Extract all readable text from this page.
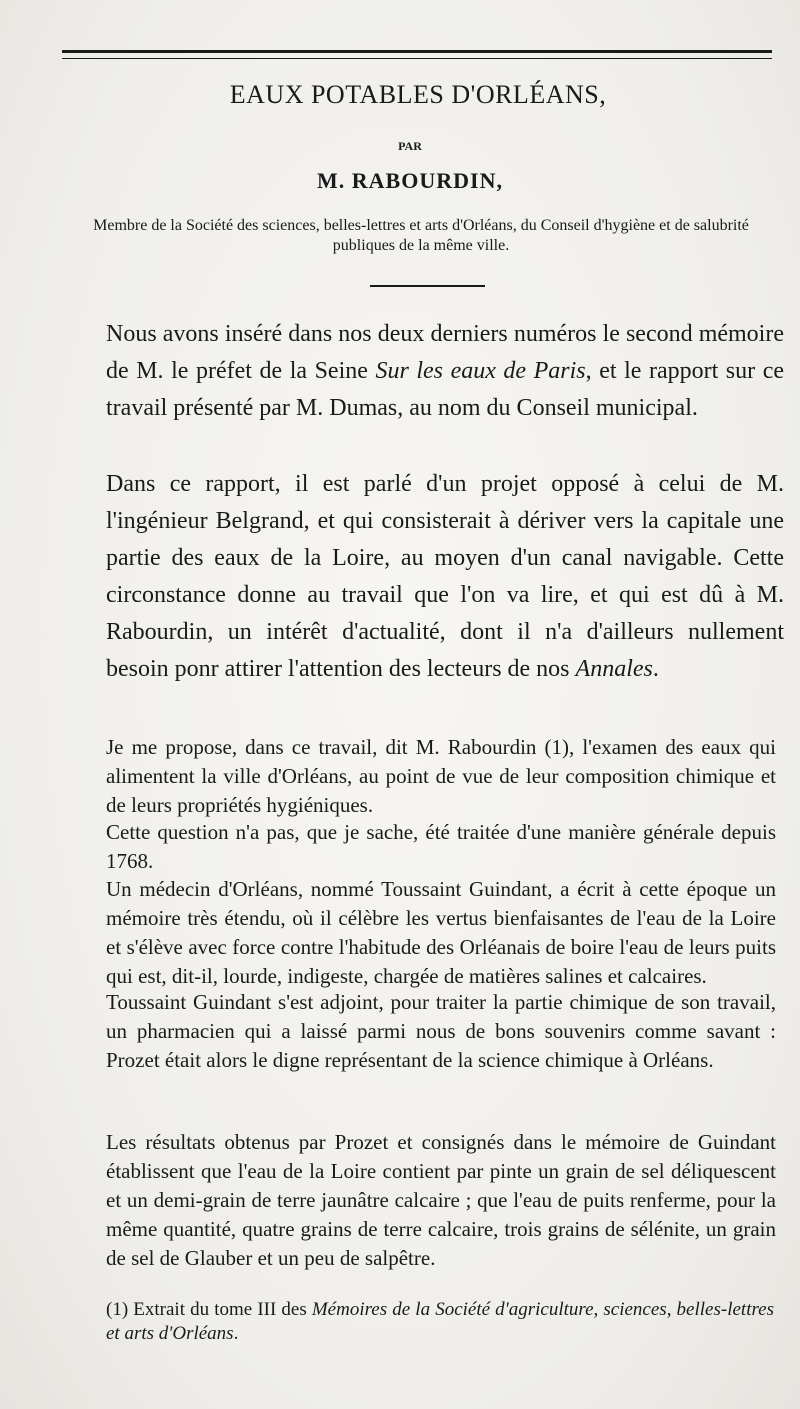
EAUX POTABLES D'ORLÉANS,
PAR
M. RABOURDIN,
Membre de la Société des sciences, belles-lettres et arts d'Orléans, du Conseil d'hygiène et de salubrité publiques de la même ville.

Nous avons inséré dans nos deux derniers numéros le second mémoire de M. le préfet de la Seine Sur les eaux de Paris, et le rapport sur ce travail présenté par M. Dumas, au nom du Conseil municipal.

Dans ce rapport, il est parlé d'un projet opposé à celui de M. l'ingénieur Belgrand, et qui consisterait à dériver vers la capitale une partie des eaux de la Loire, au moyen d'un canal navigable. Cette circonstance donne au travail que l'on va lire, et qui est dû à M. Rabourdin, un intérêt d'actualité, dont il n'a d'ailleurs nullement besoin ponr attirer l'attention des lecteurs de nos Annales.

Je me propose, dans ce travail, dit M. Rabourdin (1), l'examen des eaux qui alimentent la ville d'Orléans, au point de vue de leur composition chimique et de leurs propriétés hygiéniques.

Cette question n'a pas, que je sache, été traitée d'une manière générale depuis 1768.

Un médecin d'Orléans, nommé Toussaint Guindant, a écrit à cette époque un mémoire très étendu, où il célèbre les vertus bienfaisantes de l'eau de la Loire et s'élève avec force contre l'habitude des Orléanais de boire l'eau de leurs puits qui est, dit-il, lourde, indigeste, chargée de matières salines et calcaires.

Toussaint Guindant s'est adjoint, pour traiter la partie chimique de son travail, un pharmacien qui a laissé parmi nous de bons souvenirs comme savant : Prozet était alors le digne représentant de la science chimique à Orléans.

Les résultats obtenus par Prozet et consignés dans le mémoire de Guindant établissent que l'eau de la Loire contient par pinte un grain de sel déliquescent et un demi-grain de terre jaunâtre calcaire ; que l'eau de puits renferme, pour la même quantité, quatre grains de terre calcaire, trois grains de sélénite, un grain de sel de Glauber et un peu de salpêtre.

(1) Extrait du tome III des Mémoires de la Société d'agriculture, sciences, belles-lettres et arts d'Orléans.
